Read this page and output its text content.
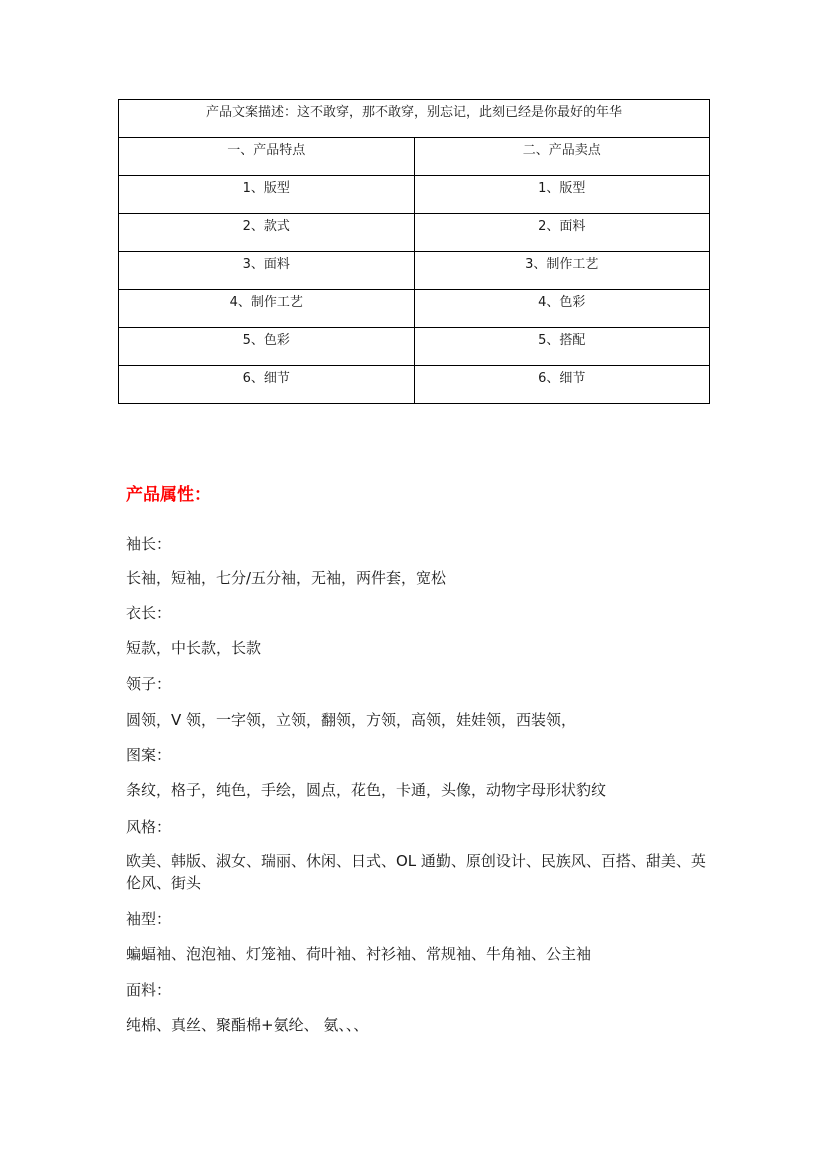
产品文案描述：这不敢穿，那不敢穿，别忘记，此刻已经是你最好的年华	
一、产品特点	二、产品卖点
1、版型	1、版型
2、款式	2、面料
3、面料	3、制作工艺
4、制作工艺	4、色彩
5、色彩	5、搭配
6、细节	6、细节
产品属性：

袖长：

长袖，短袖，七分/五分袖，无袖，两件套，宽松

衣长：

短款，中长款，长款

领子：

圆领，V 领，一字领，立领，翻领，方领，高领，娃娃领，西装领，

图案：

条纹，格子，纯色，手绘，圆点，花色，卡通，头像，动物字母形状豹纹

风格：

欧美、韩版、淑女、瑞丽、休闲、日式、OL 通勤、原创设计、民族风、百搭、甜美、英伦风、街头

袖型：

蝙蝠袖、泡泡袖、灯笼袖、荷叶袖、衬衫袖、常规袖、牛角袖、公主袖

面料：

纯棉、真丝、聚酯棉+氨纶、 氨、、、
